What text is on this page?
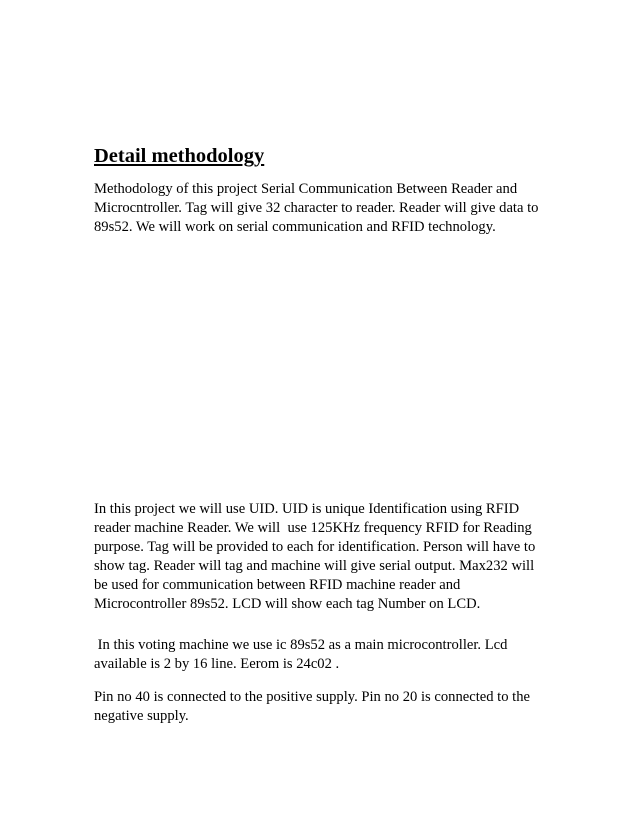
Detail methodology
Methodology of this project Serial Communication Between Reader and
Microcntroller. Tag will give 32 character to reader. Reader will give data to
89s52. We will work on serial communication and RFID technology.
In this project we will use UID. UID is unique Identification using RFID
reader machine Reader. We will  use 125KHz frequency RFID for Reading
purpose. Tag will be provided to each for identification. Person will have to
show tag. Reader will tag and machine will give serial output. Max232 will
be used for communication between RFID machine reader and
Microcontroller 89s52. LCD will show each tag Number on LCD.
In this voting machine we use ic 89s52 as a main microcontroller. Lcd
available is 2 by 16 line. Eerom is 24c02 .
Pin no 40 is connected to the positive supply. Pin no 20 is connected to the
negative supply.
